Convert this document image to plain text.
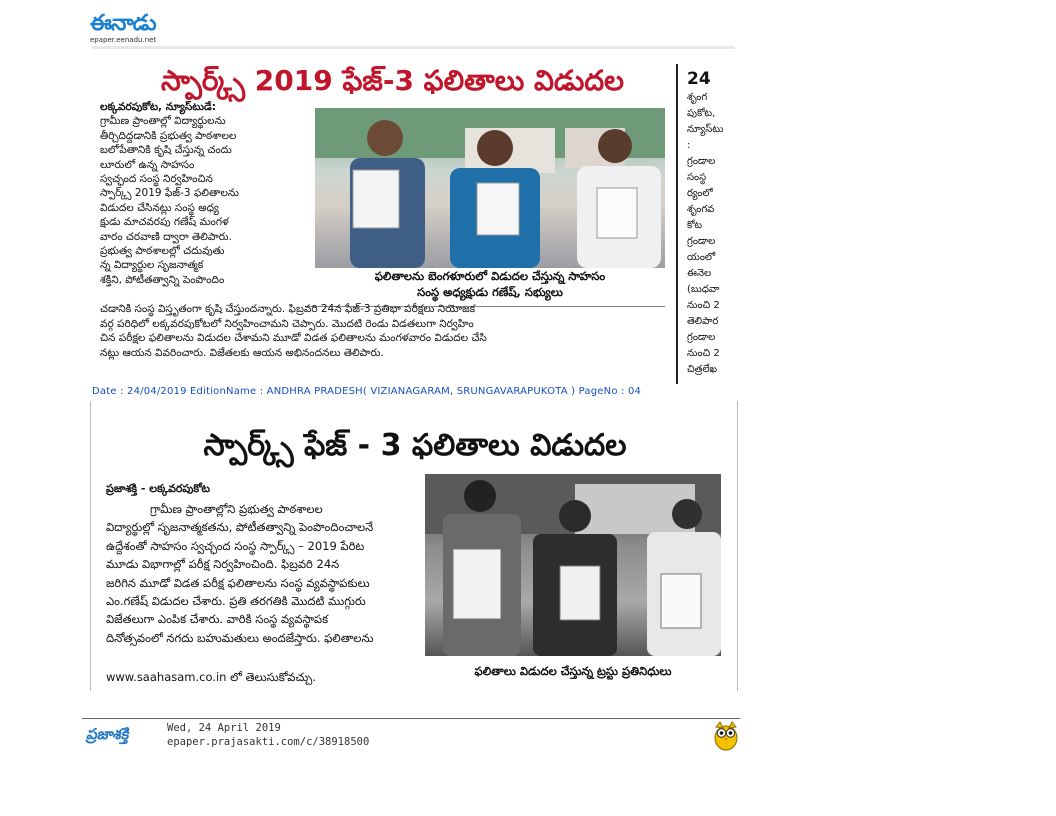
ఈనాడు
epaper.eenadu.net
స్పార్క్స్ 2019 ఫేజ్-3 ఫలితాలు విడుదల

లక్కవరపుకోట, న్యూస్‌టుడే:

గ్రామీణ ప్రాంతాల్లో విద్యార్థులను

తీర్చిదిద్దడానికి ప్రభుత్వ పాఠశాలల

బలోపేతానికి కృషి చేస్తున్న చందు

లూరులో ఉన్న సాహసం

స్వచ్ఛంద సంస్థ నిర్వహించిన

స్పార్క్స్ 2019 ఫేజ్-3 ఫలితాలను

విడుదల చేసినట్లు సంస్థ అధ్య

క్షుడు మాచవరపు గణేష్ మంగళ

వారం చరవాణి ద్వారా తెలిపారు.

ప్రభుత్వ పాఠశాలల్లో చదువుతు

న్న విద్యార్థుల సృజనాత్మక

శక్తిని, పోటీతత్వాన్ని పెంపొందిం	ఫలితాలను బెంగళూరులో విడుదల చేస్తున్న సాహసం
సంస్థ అధ్యక్షుడు గణేష్, సభ్యులు
చడానికి సంస్థ విస్తృతంగా కృషి చేస్తుందన్నారు. ఫిబ్రవరి 24న ఫేజ్-3 ప్రతిభా పరీక్షలు నియోజక
వర్గ పరిధిలో లక్కవరపుకోటలో నిర్వహించామని చెప్పారు. మొదటి రెండు విడతలుగా నిర్వహిం
చిన పరీక్షల ఫలితాలను విడుదల చేశామని మూడో విడత ఫలితాలను మంగళవారం విడుదల చేసి
నట్లు ఆయన వివరించారు. విజేతలకు ఆయన అభినందనలు తెలిపారు.
24
శృంగ
పుకోట,
న్యూస్‌టు
:
గ్రండాల
సంస్థ
ర్యంలో
శృంగవ
కోట
గ్రండాల
యంలో
ఈనెల
(బుధవా
నుంచి 2
తెలిపార
గ్రండాల
నుంచి 2
చిత్రలేఖ
Date : 24/04/2019 EditionName : ANDHRA PRADESH( VIZIANAGARAM, SRUNGAVARAPUKOTA ) PageNo : 04
స్పార్క్స్ ఫేజ్ - 3 ఫలితాలు విడుదల
ప్రజాశక్తి - లక్కవరపుకోట

గ్రామీణ ప్రాంతాల్లోని ప్రభుత్వ పాఠశాలల

విద్యార్థుల్లో సృజనాత్మకతను, పోటీతత్వాన్ని పెంపొందించాలనే

ఉద్దేశంతో సాహసం స్వచ్ఛంద సంస్థ స్పార్క్స్ – 2019 పేరిట

మూడు విభాగాల్లో పరీక్ష నిర్వహించింది. ఫిబ్రవరి 24న

జరిగిన మూడో విడత పరీక్ష ఫలితాలను సంస్థ వ్యవస్థాపకులు

ఎం.గణేష్ విడుదల చేశారు. ప్రతి తరగతికి మొదటి ముగ్గురు

విజేతలుగా ఎంపిక చేశారు. వారికి సంస్థ వ్యవస్థాపక

దినోత్సవంలో నగదు బహుమతులు అందజేస్తారు. ఫలితాలను

www.saahasam.co.in లో తెలుసుకోవచ్చు.	ఫలితాలు విడుదల చేస్తున్న ట్రస్టు ప్రతినిధులు
ప్రజాశక్తి	Wed, 24 April 2019
epaper.prajasakti.com/c/38918500
